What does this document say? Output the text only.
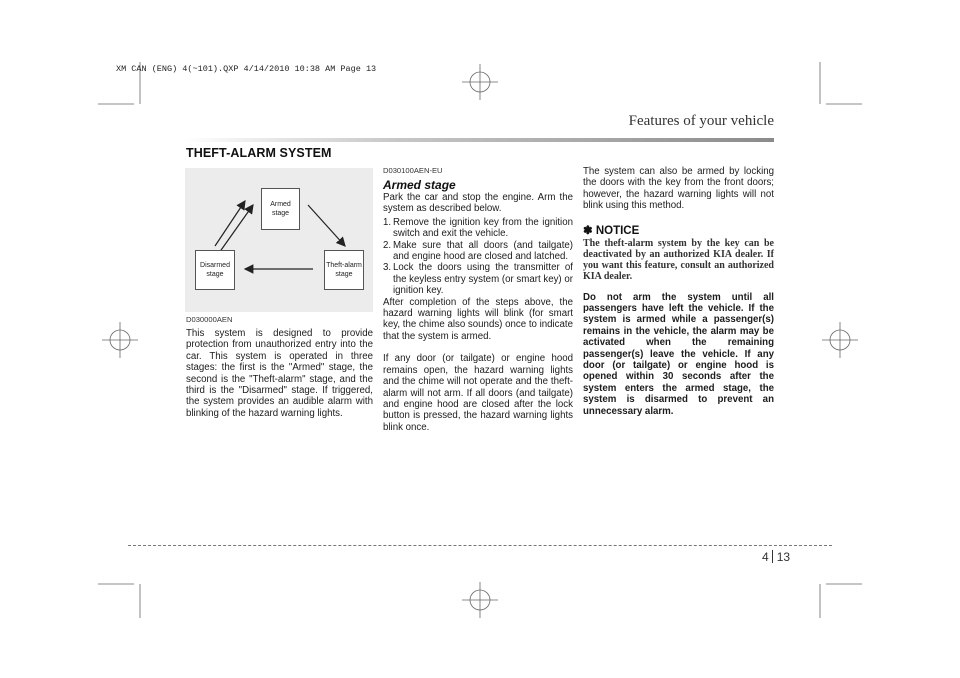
XM CAN (ENG) 4(~101).QXP 4/14/2010 10:38 AM Page 13
Features of your vehicle
THEFT-ALARM SYSTEM
Armed
stage
Disarmed
stage
Theft-alarm
stage
D030000AEN

This system is designed to provide protection from unauthorized entry into the car. This system is operated in three stages: the first is the "Armed" stage, the second is the "Theft-alarm" stage, and the third is the "Disarmed" stage. If triggered, the system provides an audible alarm with blinking of the hazard warning lights.

D030100AEN-EU
Armed stage

Park the car and stop the engine. Arm the system as described below.

1. Remove the ignition key from the ignition switch and exit the vehicle.
2. Make sure that all doors (and tailgate) and engine hood are closed and latched.
3. Lock the doors using the transmitter of the keyless entry system (or smart key) or ignition key.

After completion of the steps above, the hazard warning lights will blink (for smart key, the chime also sounds) once to indicate that the system is armed.

If any door (or tailgate) or engine hood remains open, the hazard warning lights and the chime will not operate and the theft-alarm will not arm. If all doors (and tailgate) and engine hood are closed after the lock button is pressed, the hazard warning lights blink once.

The system can also be armed by locking the doors with the key from the front doors; however, the hazard warning lights will not blink using this method.

✽ NOTICE
The theft-alarm system by the key can be deactivated by an authorized KIA dealer. If you want this feature, consult an authorized KIA dealer.
Do not arm the system until all passengers have left the vehicle. If the system is armed while a passenger(s) remains in the vehicle, the alarm may be activated when the remaining passenger(s) leave the vehicle. If any door (or tailgate) or engine hood is opened within 30 seconds after the system enters the armed stage, the system is disarmed to prevent an unnecessary alarm.
4 13
